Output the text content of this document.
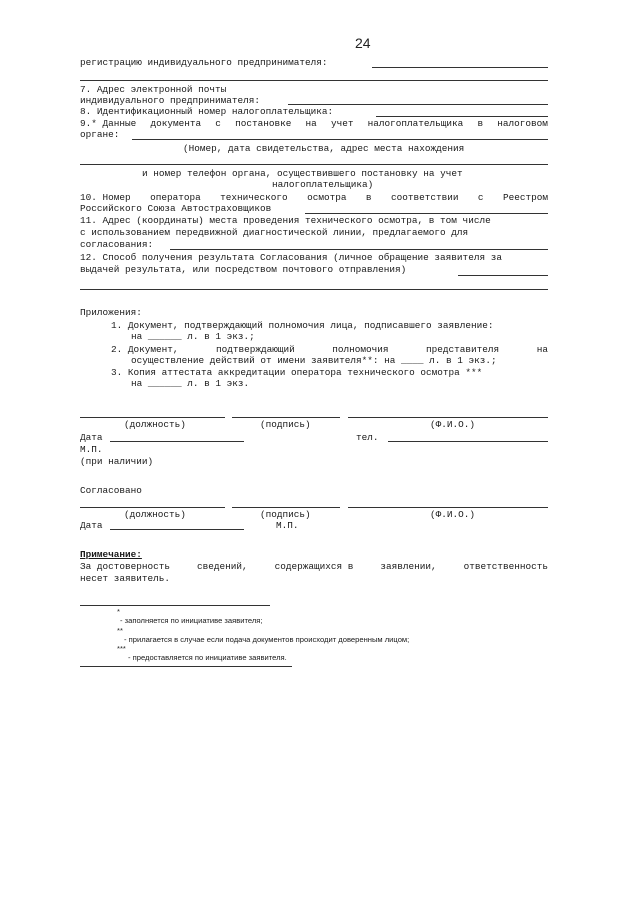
24
регистрацию индивидуального предпринимателя:
7. Адрес электронной почты
индивидуального предпринимателя:
8. Идентификационный номер налогоплательщика:
9.* Данные документа с постановке на учет налогоплательщика в налоговом
органе:
(Номер, дата свидетельства, адрес места нахождения
и номер телефон органа, осуществившего постановку на учет
налогоплательщика)
10. Номер оператора технического осмотра в соответствии с Реестром
Российского Союза Автостраховщиков
11. Адрес (координаты) места проведения технического осмотра, в том числе
с использованием передвижной диагностической линии, предлагаемого для
согласования:
12. Способ получения результата Согласования (личное обращение заявителя за
выдачей результата, или посредством почтового отправления)
Приложения:
1. Документ, подтверждающий полномочия лица, подписавшего заявление:
на ______ л. в 1 экз.;
2. Документ,	подтверждающий	полномочия	представителя	на
осуществление действий от имени заявителя**: на ____ л. в 1 экз.;
3. Копия аттестата аккредитации оператора технического осмотра ***
на ______ л. в 1 экз.
(должность)	(подпись)	(Ф.И.О.)
Дата	тел.
М.П.
(при наличии)
Согласовано
(должность)	(подпись)	(Ф.И.О.)
Дата	М.П.
Примечание:
За достоверность	сведений,	содержащихся в	заявлении,	ответственность
несет заявитель.
*
- заполняется по инициативе заявителя;
**
- прилагается в случае если подача документов происходит доверенным лицом;
***
- предоставляется по инициативе заявителя.
